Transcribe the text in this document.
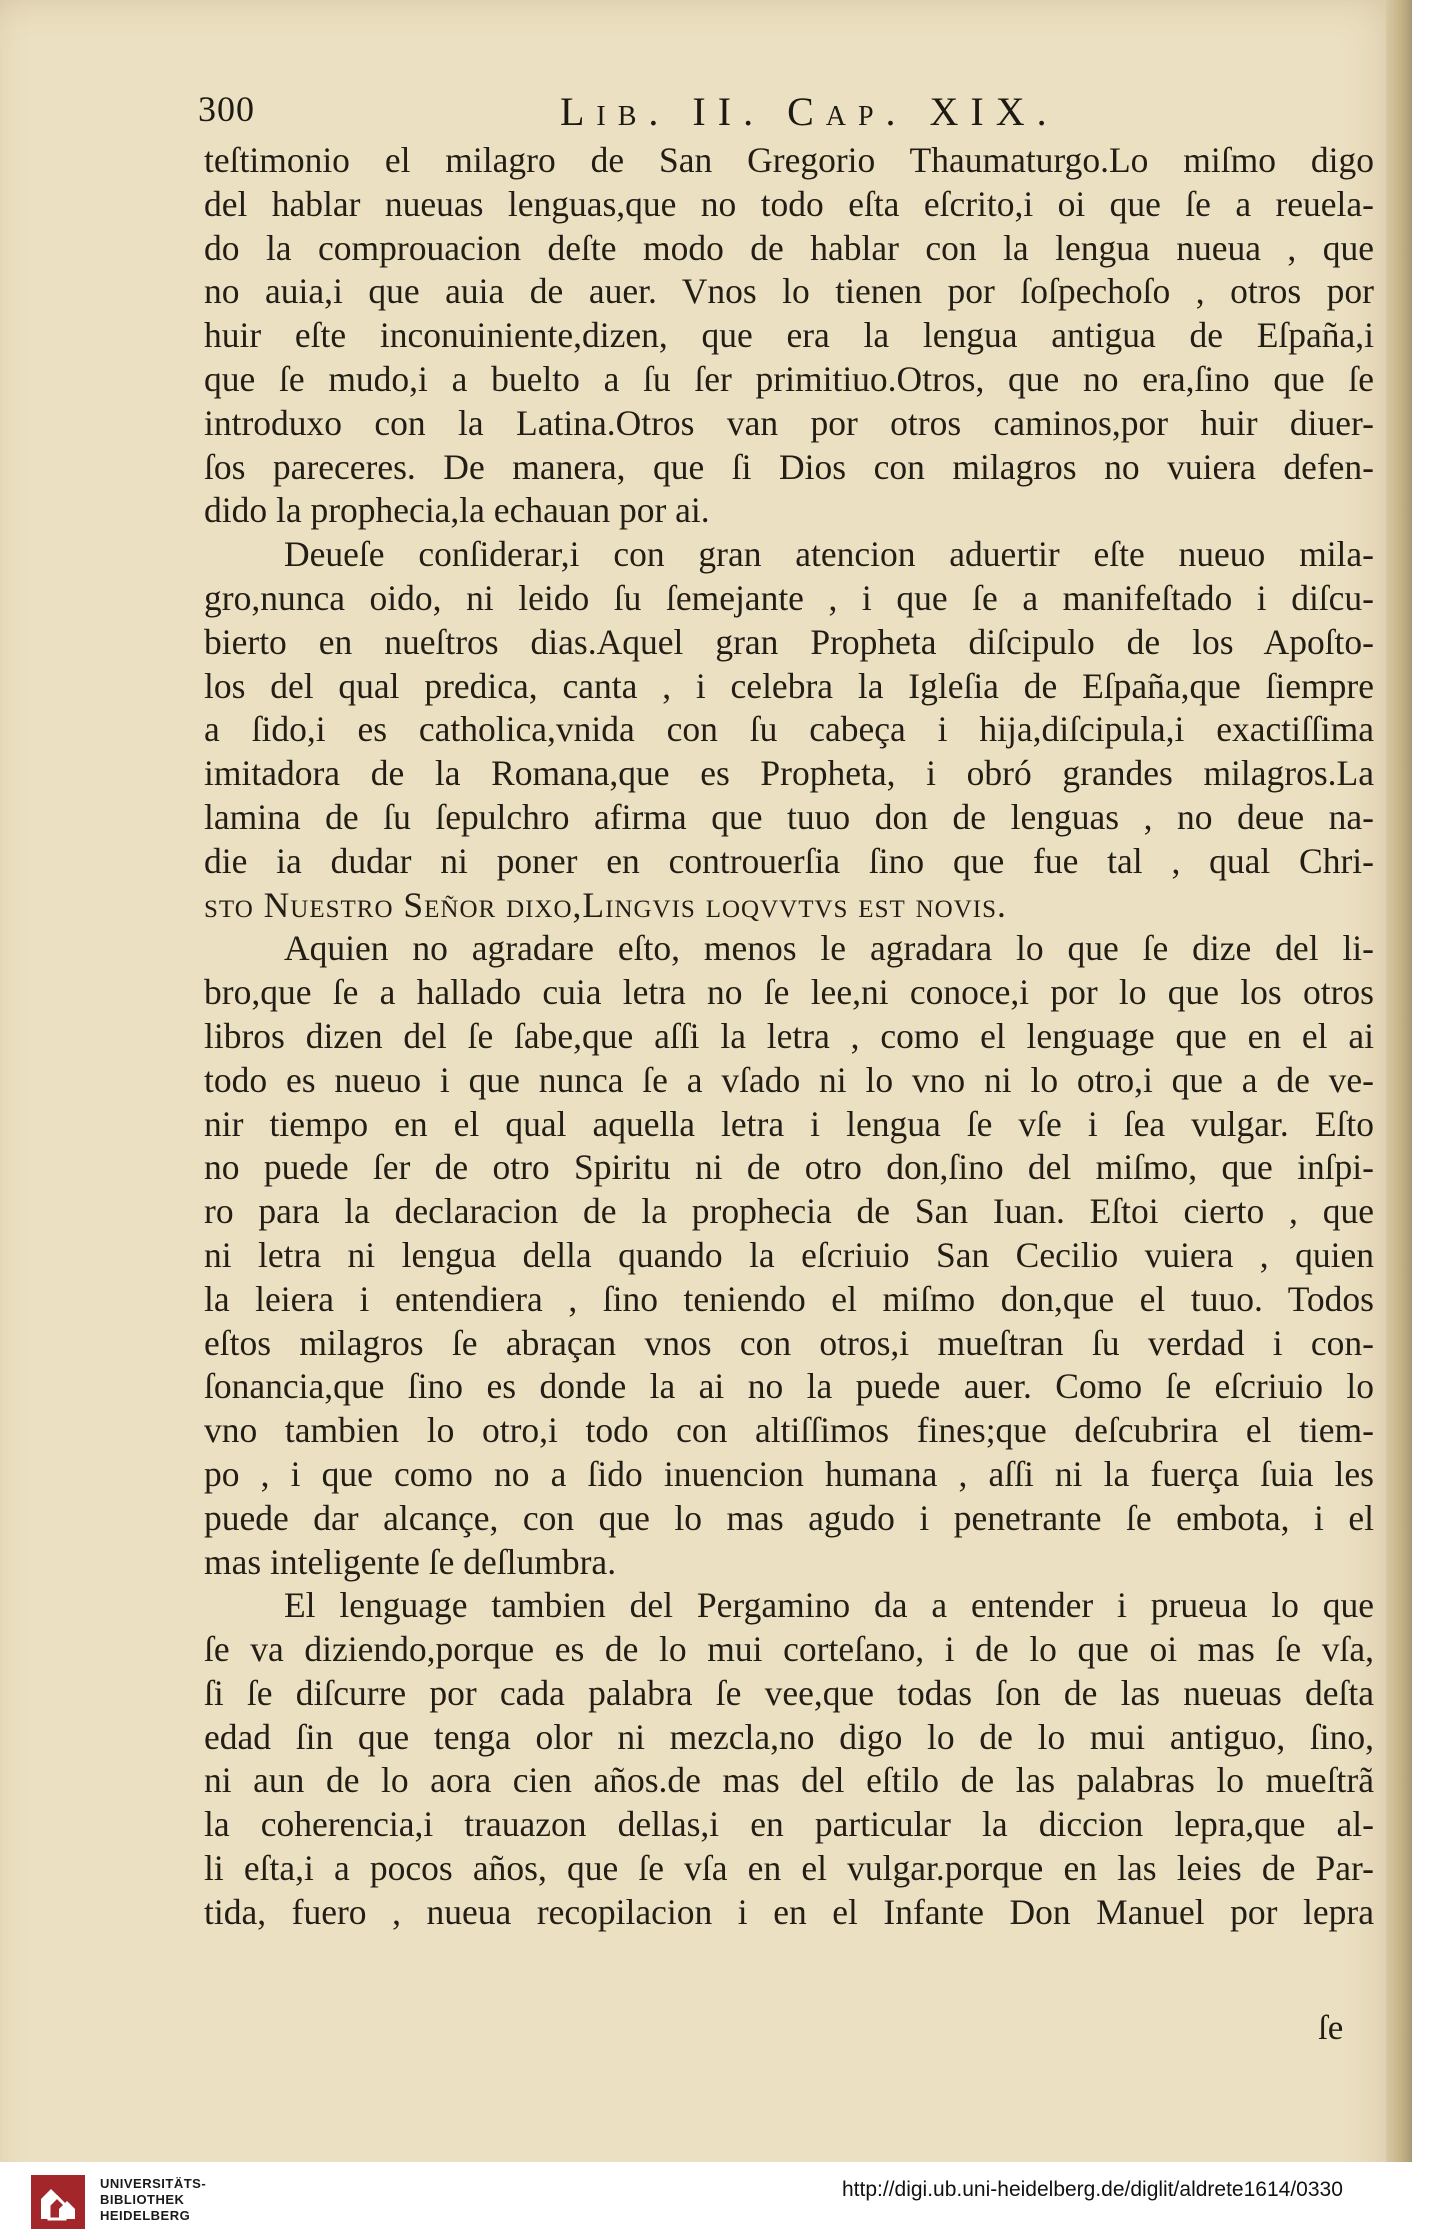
300	Lib. II. Cap. XIX.
teſtimonio el milagro de San Gregorio Thaumaturgo.Lo miſmo digo
del hablar nueuas lenguas,que no todo eſta eſcrito,i oi que ſe a reuela-
do la comprouacion deſte modo de hablar con la lengua nueua , que
no auia,i que auia de auer. Vnos lo tienen por ſoſpechoſo , otros por
huir eſte inconuiniente,dizen, que era la lengua antigua de Eſpaña,i
que ſe mudo,i a buelto a ſu ſer primitiuo.Otros, que no era,ſino que ſe
introduxo con la Latina.Otros van por otros caminos,por huir diuer-
ſos pareceres. De manera, que ſi Dios con milagros no vuiera defen-
dido la prophecia,la echauan por ai.
Deueſe conſiderar,i con gran atencion aduertir eſte nueuo mila-
gro,nunca oido, ni leido ſu ſemejante , i que ſe a manifeſtado i diſcu-
bierto en nueſtros dias.Aquel gran Propheta diſcipulo de los Apoſto-
los del qual predica, canta , i celebra la Igleſia de Eſpaña,que ſiempre
a ſido,i es catholica,vnida con ſu cabeça i hija,diſcipula,i exactiſſima
imitadora de la Romana,que es Propheta, i obró grandes milagros.La
lamina de ſu ſepulchro afirma que tuuo don de lenguas , no deue na-
die ia dudar ni poner en controuerſia ſino que fue tal , qual Chri-
sto Nueſtro Señor dixo,Lingvis loqvvtvs est novis.
Aquien no agradare eſto, menos le agradara lo que ſe dize del li-
bro,que ſe a hallado cuia letra no ſe lee,ni conoce,i por lo que los otros
libros dizen del ſe ſabe,que aſſi la letra , como el lenguage que en el ai
todo es nueuo i que nunca ſe a vſado ni lo vno ni lo otro,i que a de ve-
nir tiempo en el qual aquella letra i lengua ſe vſe i ſea vulgar. Eſto
no puede ſer de otro Spiritu ni de otro don,ſino del miſmo, que inſpi-
ro para la declaracion de la prophecia de San Iuan. Eſtoi cierto , que
ni letra ni lengua della quando la eſcriuio San Cecilio vuiera , quien
la leiera i entendiera , ſino teniendo el miſmo don,que el tuuo. Todos
eſtos milagros ſe abraçan vnos con otros,i mueſtran ſu verdad i con-
ſonancia,que ſino es donde la ai no la puede auer. Como ſe eſcriuio lo
vno tambien lo otro,i todo con altiſſimos fines;que deſcubrira el tiem-
po , i que como no a ſido inuencion humana , aſſi ni la fuerça ſuia les
puede dar alcançe, con que lo mas agudo i penetrante ſe embota, i el
mas inteligente ſe deſlumbra.
El lenguage tambien del Pergamino da a entender i prueua lo que
ſe va diziendo,porque es de lo mui corteſano, i de lo que oi mas ſe vſa,
ſi ſe diſcurre por cada palabra ſe vee,que todas ſon de las nueuas deſta
edad ſin que tenga olor ni mezcla,no digo lo de lo mui antiguo, ſino,
ni aun de lo aora cien años.de mas del eſtilo de las palabras lo mueſtrã
la coherencia,i trauazon dellas,i en particular la diccion lepra,que al-
li eſta,i a pocos años, que ſe vſa en el vulgar.porque en las leies de Par-
tida, fuero , nueua recopilacion i en el Infante Don Manuel por lepra
ſe
UNIVERSITÄTS-
BIBLIOTHEK
HEIDELBERG
http://digi.ub.uni-heidelberg.de/diglit/aldrete1614/0330
